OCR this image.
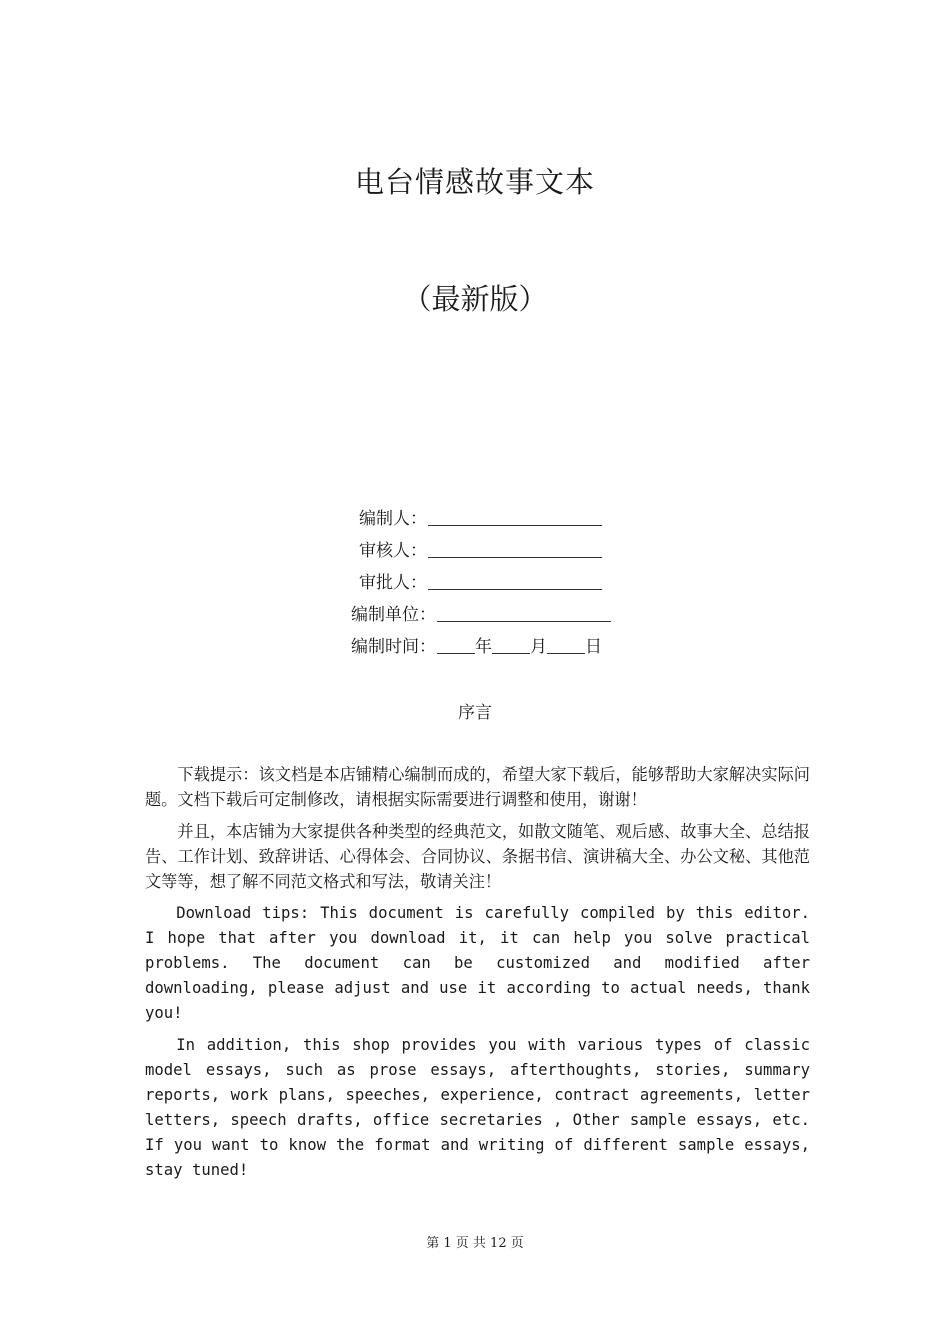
电台情感故事文本
（最新版）
编制人：
审核人：
审批人：
编制单位：
编制时间：	年 月 日
序言

下载提示：该文档是本店铺精心编制而成的，希望大家下载后，能够帮助大家解决实际问题。文档下载后可定制修改，请根据实际需要进行调整和使用，谢谢！

并且，本店铺为大家提供各种类型的经典范文，如散文随笔、观后感、故事大全、总结报告、工作计划、致辞讲话、心得体会、合同协议、条据书信、演讲稿大全、办公文秘、其他范文等等，想了解不同范文格式和写法，敬请关注！

Download tips: This document is carefully compiled by this editor. I hope that after you download it, it can help you solve practical problems. The document can be customized and modified after downloading, please adjust and use it according to actual needs, thank you!

In addition, this shop provides you with various types of classic model essays, such as prose essays, afterthoughts, stories, summary reports, work plans, speeches, experience, contract agreements, letter letters, speech drafts, office secretaries , Other sample essays, etc. If you want to know the format and writing of different sample essays, stay tuned!

第 1 页 共 12 页
